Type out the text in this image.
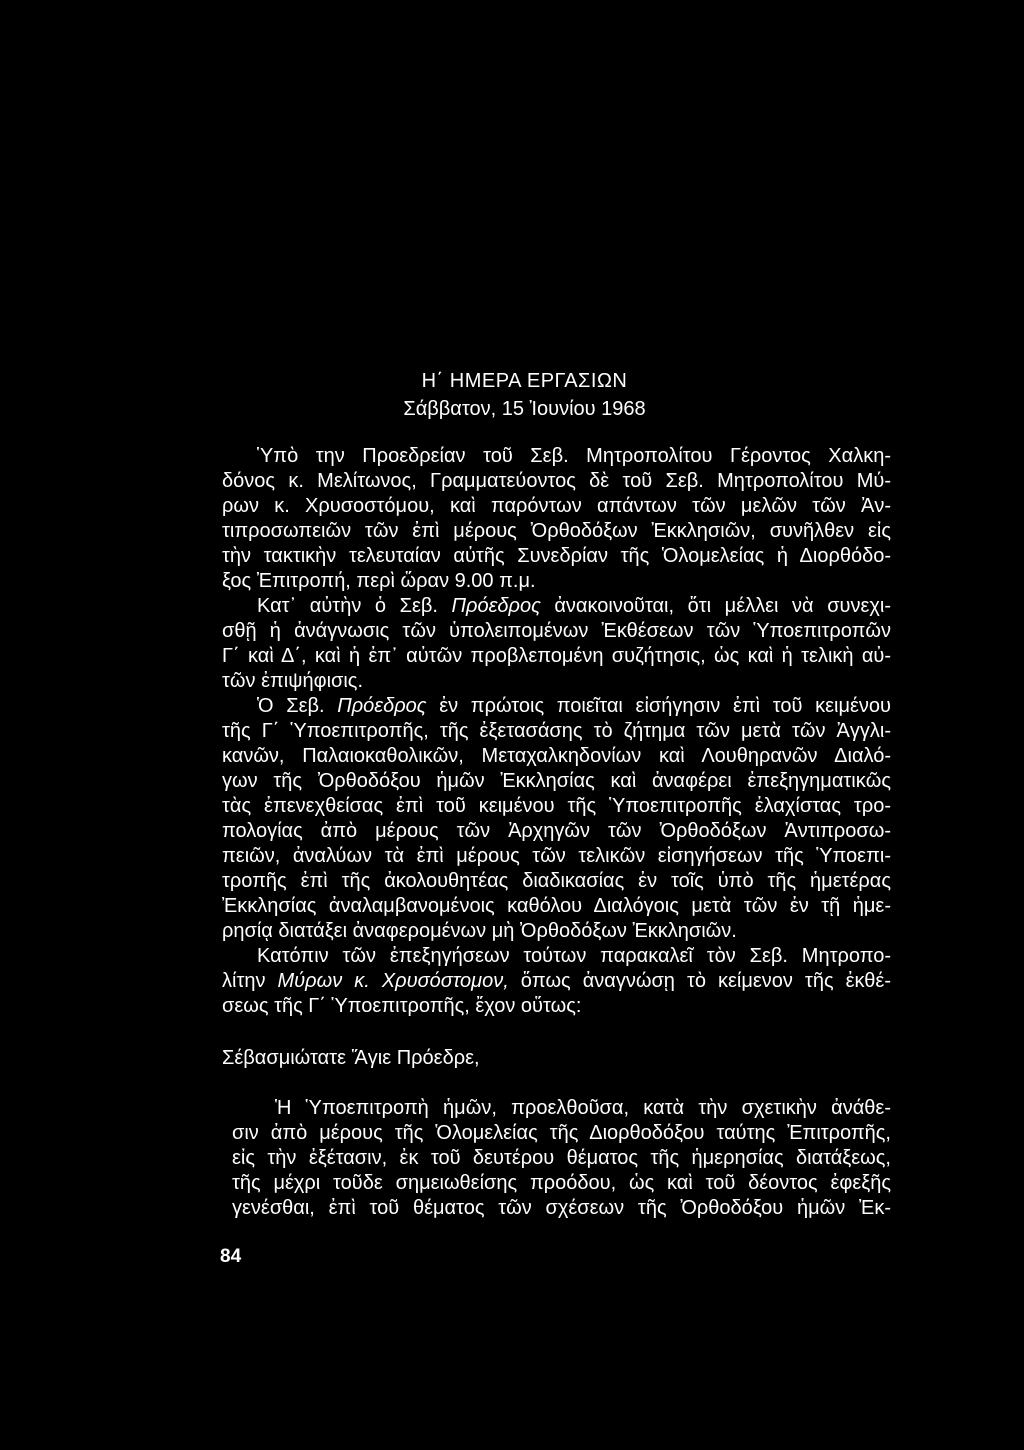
Η΄ ΗΜΕΡΑ ΕΡΓΑΣΙΩΝ
Σάββατον, 15 Ἰουνίου 1968
Ὑπὸ την Προεδρείαν τοῦ Σεβ. Μητροπολίτου Γέροντος Χαλκη-
δόνος κ. Μελίτωνος, Γραμματεύοντος δὲ τοῦ Σεβ. Μητροπολίτου Μύ-
ρων κ. Χρυσοστόμου, καὶ παρόντων απάντων τῶν μελῶν τῶν Ἀν-
τιπροσωπειῶν τῶν ἐπὶ μέρους Ὀρθοδόξων Ἐκκλησιῶν, συνῆλθεν εἰς
τὴν τακτικὴν τελευταίαν αὐτῆς Συνεδρίαν τῆς Ὁλομελείας ἡ Διορθόδο-
ξος Ἐπιτροπή, περὶ ὥραν 9.00 π.μ.
Κατ᾽ αὐτὴν ὁ Σεβ. Πρόεδρος ἀνακοινοῦται, ὅτι μέλλει νὰ συνεχι-
σθῇ ἡ ἀνάγνωσις τῶν ὑπολειπομένων Ἐκθέσεων τῶν Ὑποεπιτροπῶν
Γ΄ καὶ Δ΄, καὶ ἡ ἐπ᾽ αὐτῶν προβλεπομένη συζήτησις, ὡς καὶ ἡ τελικὴ αὐ-
τῶν ἐπιψήφισις.
Ὁ Σεβ. Πρόεδρος ἐν πρώτοις ποιεῖται εἰσήγησιν ἐπὶ τοῦ κειμένου
τῆς Γ΄ Ὑποεπιτροπῆς, τῆς ἐξετασάσης τὸ ζήτημα τῶν μετὰ τῶν Ἀγγλι-
κανῶν, Παλαιοκαθολικῶν, Μεταχαλκηδονίων καὶ Λουθηρανῶν Διαλό-
γων τῆς Ὀρθοδόξου ἡμῶν Ἐκκλησίας καὶ ἀναφέρει ἐπεξηγηματικῶς
τὰς ἐπενεχθείσας ἐπὶ τοῦ κειμένου τῆς Ὑποεπιτροπῆς ἐλαχίστας τρο-
πολογίας ἀπὸ μέρους τῶν Ἀρχηγῶν τῶν Ὀρθοδόξων Ἀντιπροσω-
πειῶν, ἀναλύων τὰ ἐπὶ μέρους τῶν τελικῶν εἰσηγήσεων τῆς Ὑποεπι-
τροπῆς ἐπὶ τῆς ἀκολουθητέας διαδικασίας ἐν τοῖς ὑπὸ τῆς ἡμετέρας
Ἐκκλησίας ἀναλαμβανομένοις καθόλου Διαλόγοις μετὰ τῶν ἐν τῇ ἡμε-
ρησίᾳ διατάξει ἀναφερομένων μὴ Ὀρθοδόξων Ἐκκλησιῶν.
Κατόπιν τῶν ἐπεξηγήσεων τούτων παρακαλεῖ τὸν Σεβ. Μητροπο-
λίτην Μύρων κ. Χρυσόστομον, ὅπως ἀναγνώσῃ τὸ κείμενον τῆς ἐκθέ-
σεως τῆς Γ΄ Ὑποεπιτροπῆς, ἔχον οὕτως:
Σέβασμιώτατε Ἅγιε Πρόεδρε,
Ἡ Ὑποεπιτροπὴ ἡμῶν, προελθοῦσα, κατὰ τὴν σχετικὴν ἀνάθε-
σιν ἀπὸ μέρους τῆς Ὁλομελείας τῆς Διορθοδόξου ταύτης Ἐπιτροπῆς,
εἰς τὴν ἐξέτασιν, ἐκ τοῦ δευτέρου θέματος τῆς ἡμερησίας διατάξεως,
τῆς μέχρι τοῦδε σημειωθείσης προόδου, ὡς καὶ τοῦ δέοντος ἐφεξῆς
γενέσθαι, ἐπὶ τοῦ θέματος τῶν σχέσεων τῆς Ὀρθοδόξου ἡμῶν Ἐκ-
84
